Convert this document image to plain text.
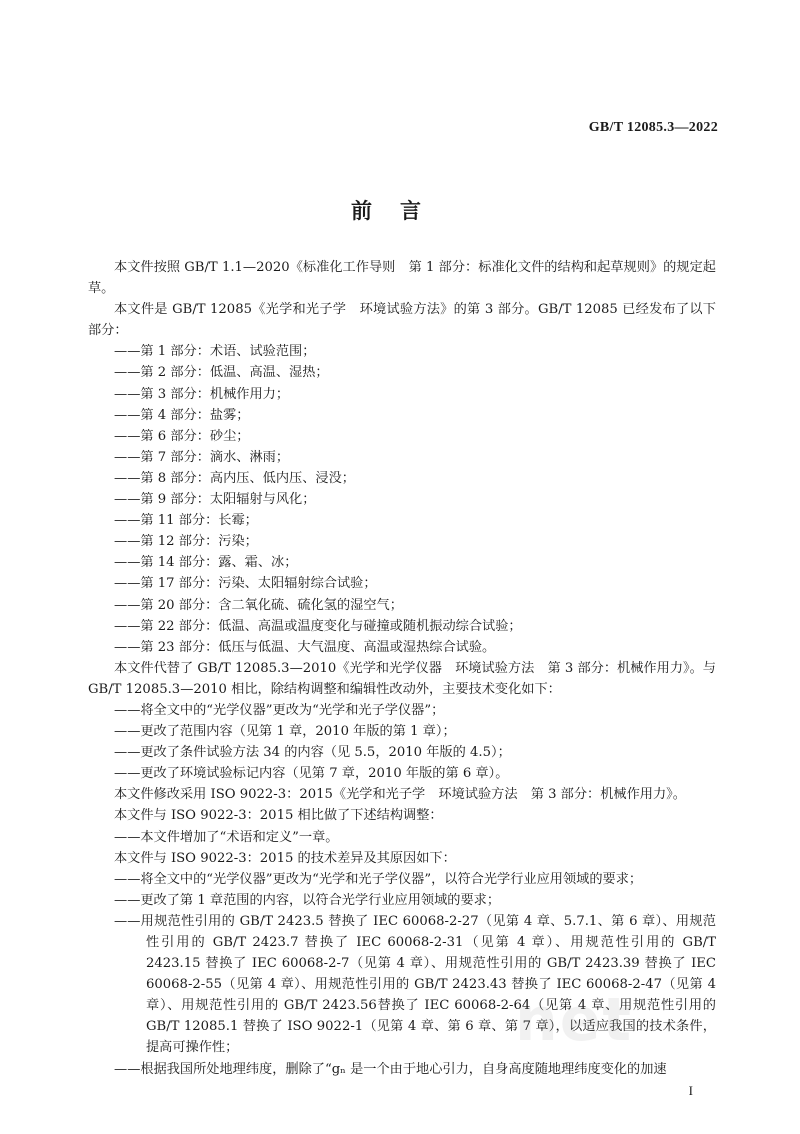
GB/T 12085.3—2022
前言

本文件按照 GB/T 1.1—2020《标准化工作导则　第 1 部分：标准化文件的结构和起草规则》的规定起草。

本文件是 GB/T 12085《光学和光子学　环境试验方法》的第 3 部分。GB/T 12085 已经发布了以下部分：

——第 1 部分：术语、试验范围；

——第 2 部分：低温、高温、湿热；

——第 3 部分：机械作用力；

——第 4 部分：盐雾；

——第 6 部分：砂尘；

——第 7 部分：滴水、淋雨；

——第 8 部分：高内压、低内压、浸没；

——第 9 部分：太阳辐射与风化；

——第 11 部分：长霉；

——第 12 部分：污染；

——第 14 部分：露、霜、冰；

——第 17 部分：污染、太阳辐射综合试验；

——第 20 部分：含二氧化硫、硫化氢的湿空气；

——第 22 部分：低温、高温或温度变化与碰撞或随机振动综合试验；

——第 23 部分：低压与低温、大气温度、高温或湿热综合试验。

本文件代替了 GB/T 12085.3—2010《光学和光学仪器　环境试验方法　第 3 部分：机械作用力》。与 GB/T 12085.3—2010 相比，除结构调整和编辑性改动外，主要技术变化如下：

——将全文中的“光学仪器”更改为“光学和光子学仪器”；

——更改了范围内容（见第 1 章，2010 年版的第 1 章）；

——更改了条件试验方法 34 的内容（见 5.5，2010 年版的 4.5）；

——更改了环境试验标记内容（见第 7 章，2010 年版的第 6 章）。

本文件修改采用 ISO 9022-3：2015《光学和光子学　环境试验方法　第 3 部分：机械作用力》。

本文件与 ISO 9022-3：2015 相比做了下述结构调整：

——本文件增加了“术语和定义”一章。

本文件与 ISO 9022-3：2015 的技术差异及其原因如下：

——将全文中的“光学仪器”更改为“光学和光子学仪器”，以符合光学行业应用领域的要求；

——更改了第 1 章范围的内容，以符合光学行业应用领域的要求；

——用规范性引用的 GB/T 2423.5 替换了 IEC 60068-2-27（见第 4 章、5.7.1、第 6 章）、用规范性引用的 GB/T 2423.7 替换了 IEC 60068-2-31（见第 4 章）、用规范性引用的 GB/T 2423.15 替换了 IEC 60068-2-7（见第 4 章）、用规范性引用的 GB/T 2423.39 替换了 IEC 60068-2-55（见第 4 章）、用规范性引用的 GB/T 2423.43 替换了 IEC 60068-2-47（见第 4 章）、用规范性引用的 GB/T 2423.56替换了 IEC 60068-2-64（见第 4 章、用规范性引用的 GB/T 12085.1 替换了 ISO 9022-1（见第 4 章、第 6 章、第 7 章），以适应我国的技术条件，提高可操作性；

——根据我国所处地理纬度，删除了“gₙ 是一个由于地心引力，自身高度随地理纬度变化的加速

I
net
